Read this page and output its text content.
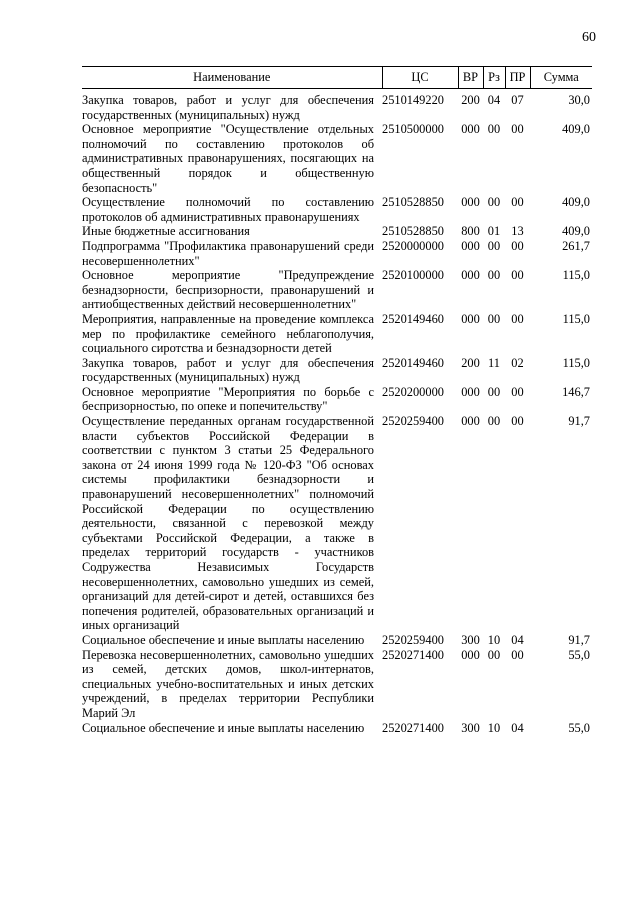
60
Наименование	ЦС	ВР	Рз	ПР	Сумма

Закупка товаров, работ и услуг для обеспечения государственных (муниципальных) нужд	2510149220	200	04	07	30,0
Основное мероприятие "Осуществление отдельных полномочий по составлению протоколов об административных правонарушениях, посягающих на общественный порядок и общественную безопасность"	2510500000	000	00	00	409,0
Осуществление полномочий по составлению протоколов об административных правонарушениях	2510528850	000	00	00	409,0
Иные бюджетные ассигнования	2510528850	800	01	13	409,0
Подпрограмма "Профилактика правонарушений среди несовершеннолетних"	2520000000	000	00	00	261,7
Основное мероприятие "Предупреждение безнадзорности, беспризорности, правонарушений и антиобщественных действий несовершеннолетних"	2520100000	000	00	00	115,0
Мероприятия, направленные на проведение комплекса мер по профилактике семейного неблагополучия, социального сиротства и безнадзорности детей	2520149460	000	00	00	115,0
Закупка товаров, работ и услуг для обеспечения государственных (муниципальных) нужд	2520149460	200	11	02	115,0
Основное мероприятие "Мероприятия по борьбе с беспризорностью, по опеке и попечительству"	2520200000	000	00	00	146,7
Осуществление переданных органам государственной власти субъектов Российской Федерации в соответствии с пунктом 3 статьи 25 Федерального закона от 24 июня 1999 года № 120-ФЗ "Об основах системы профилактики безнадзорности и правонарушений несовершеннолетних" полномочий Российской Федерации по осуществлению деятельности, связанной с перевозкой между субъектами Российской Федерации, а также в пределах территорий государств - участников Содружества Независимых Государств несовершеннолетних, самовольно ушедших из семей, организаций для детей-сирот и детей, оставшихся без попечения родителей, образовательных организаций и иных организаций	2520259400	000	00	00	91,7
Социальное обеспечение и иные выплаты населению	2520259400	300	10	04	91,7
Перевозка несовершеннолетних, самовольно ушедших из семей, детских домов, школ-интернатов, специальных учебно-воспитательных и иных детских учреждений, в пределах территории Республики Марий Эл	2520271400	000	00	00	55,0
Социальное обеспечение и иные выплаты населению	2520271400	300	10	04	55,0
